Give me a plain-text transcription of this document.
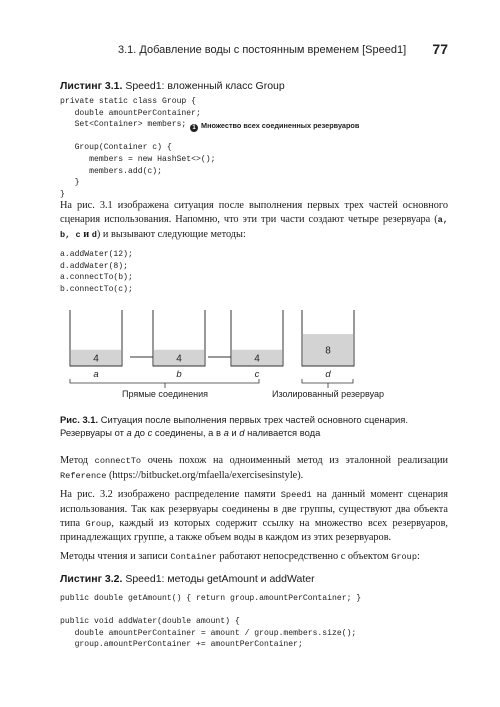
3.1. Добавление воды с постоянным временем [Speed1] 77
Листинг 3.1. Speed1: вложенный класс Group
private static class Group {
double amountPerContainer;
Set<Container> members;

Group(Container c) {
members = new HashSet<>();
members.add(c);
}
}
1 Множество всех соединенных резервуаров
На рис. 3.1 изображена ситуация после выполнения первых трех частей основного сценария использования. Напомню, что эти три части создают четыре резервуара (a, b, c и d) и вызывают следующие методы:
a.addWater(12);
d.addWater(8);
a.connectTo(b);
b.connectTo(c);
4
a
4
b
4
c
8
d
Прямые соединения	Изолированный резервуар
Рис. 3.1. Ситуация после выполнения первых трех частей основного сценария. Резервуары от a до c соединены, а в a и d наливается вода
Метод connectTo очень похож на одноименный метод из эталонной реализации Reference (https://bitbucket.org/mfaella/exercisesinstyle).
На рис. 3.2 изображено распределение памяти Speed1 на данный момент сценария использования. Так как резервуары соединены в две группы, существуют два объекта типа Group, каждый из которых содержит ссылку на множество всех резервуаров, принадлежащих группе, а также объем воды в каждом из этих резервуаров.
Методы чтения и записи Container работают непосредственно с объектом Group:
Листинг 3.2. Speed1: методы getAmount и addWater
public double getAmount() { return group.amountPerContainer; }

public void addWater(double amount) {
double amountPerContainer = amount / group.members.size();
group.amountPerContainer += amountPerContainer;
